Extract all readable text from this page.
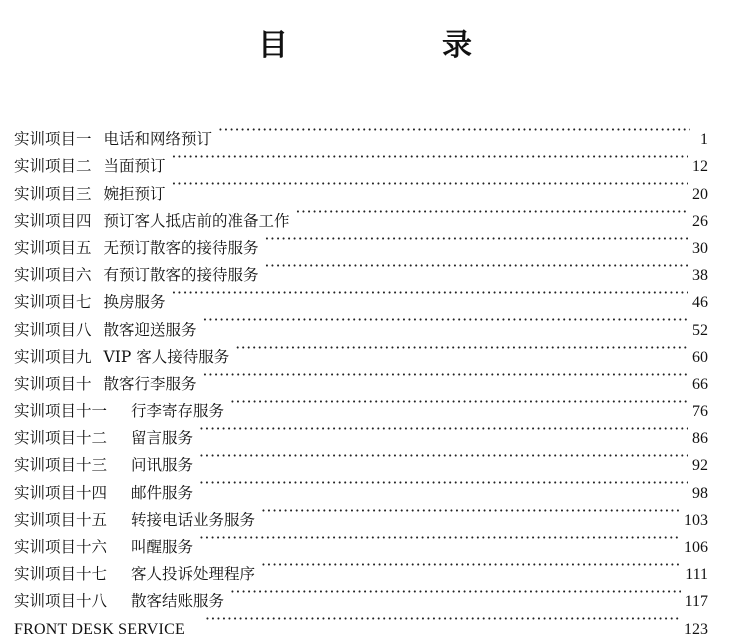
目　录
实训项目一 电话和网络预订 ·····	1
实训项目二 当面预订 ·····	12
实训项目三 婉拒预订 ·····	20
实训项目四 预订客人抵店前的准备工作 ·····	26
实训项目五 无预订散客的接待服务 ·····	30
实训项目六 有预订散客的接待服务 ·····	38
实训项目七 换房服务 ·····	46
实训项目八 散客迎送服务 ·····	52
实训项目九 VIP 客人接待服务 ·····	60
实训项目十 散客行李服务 ·····	66
实训项目十一 行李寄存服务 ·····	76
实训项目十二 留言服务 ·····	86
实训项目十三 问讯服务 ·····	92
实训项目十四 邮件服务 ·····	98
实训项目十五 转接电话业务服务 ·····	103
实训项目十六 叫醒服务 ·····	106
实训项目十七 客人投诉处理程序 ·····	111
实训项目十八 散客结账服务 ·····	117
FRONT DESK SERVICE ·····	123
